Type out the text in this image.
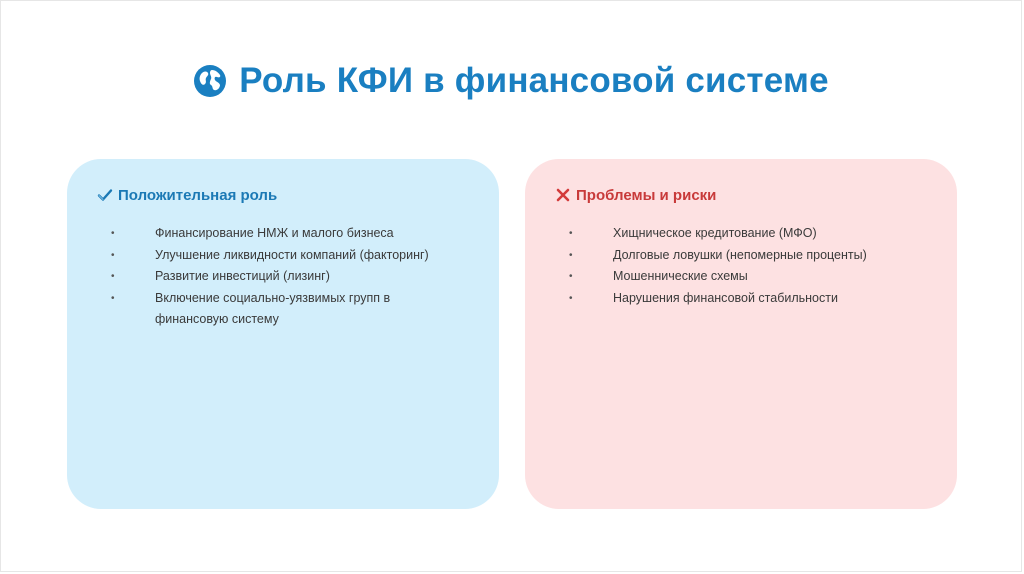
Роль КФИ в финансовой системе
Положительная роль
•	Финансирование НМЖ и малого бизнеса
•	Улучшение ликвидности компаний (факторинг)
•	Развитие инвестиций (лизинг)
•	Включение социально-уязвимых групп в финансовую систему
Проблемы и риски
•	Хищническое кредитование (МФО)
•	Долговые ловушки (непомерные проценты)
•	Мошеннические схемы
•	Нарушения финансовой стабильности
